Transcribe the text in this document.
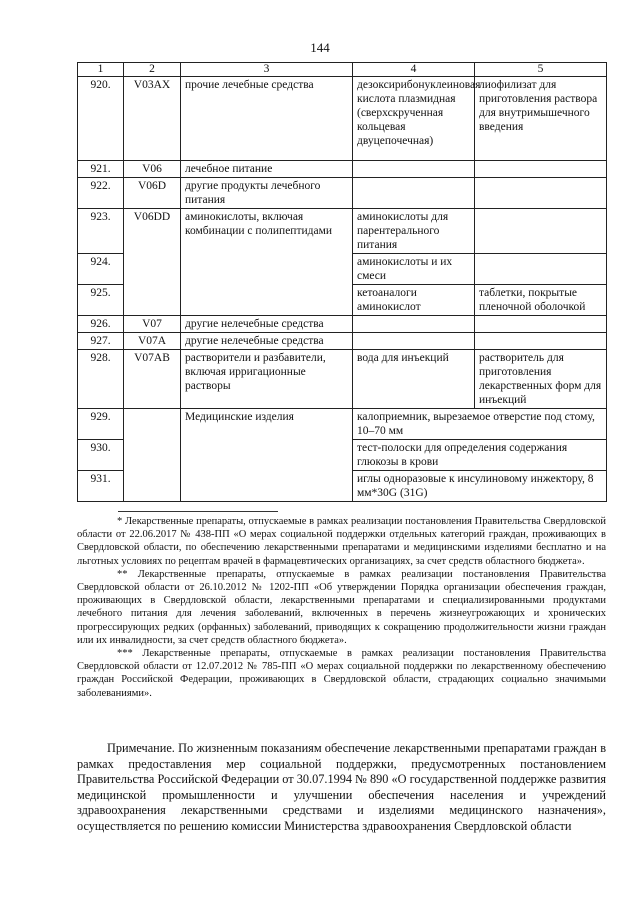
144
1	2	3	4	5
920.	V03AX	прочие лечебные средства	дезоксирибонуклеиновая кислота плазмидная (сверхскрученная кольцевая двуцепочечная)	лиофилизат для приготовления раствора для внутримышечного введения
921.	V06	лечебное питание		
922.	V06D	другие продукты лечебного питания		
923.	V06DD	аминокислоты, включая комбинации с полипептидами	аминокислоты для парентерального питания	
924.			аминокислоты и их смеси	
925.			кетоаналоги аминокислот	таблетки, покрытые пленочной оболочкой
926.	V07	другие нелечебные средства		
927.	V07A	другие нелечебные средства		
928.	V07AB	растворители и разбавители, включая ирригационные растворы	вода для инъекций	растворитель для приготовления лекарственных форм для инъекций
929.		Медицинские изделия	калоприемник, вырезаемое отверстие под стому, 10–70 мм	
930.			тест-полоски для определения содержания глюкозы в крови	
931.			иглы одноразовые к инсулиновому инжектору, 8 мм*30G (31G)	

* Лекарственные препараты, отпускаемые в рамках реализации постановления Правительства Свердловской области от 22.06.2017 № 438-ПП «О мерах социальной поддержки отдельных категорий граждан, проживающих в Свердловской области, по обеспечению лекарственными препаратами и медицинскими изделиями бесплатно и на льготных условиях по рецептам врачей в фармацевтических организациях, за счет средств областного бюджета».

** Лекарственные препараты, отпускаемые в рамках реализации постановления Правительства Свердловской области от 26.10.2012 № 1202-ПП «Об утверждении Порядка организации обеспечения граждан, проживающих в Свердловской области, лекарственными препаратами и специализированными продуктами лечебного питания для лечения заболеваний, включенных в перечень жизнеугрожающих и хронических прогрессирующих редких (орфанных) заболеваний, приводящих к сокращению продолжительности жизни граждан или их инвалидности, за счет средств областного бюджета».

*** Лекарственные препараты, отпускаемые в рамках реализации постановления Правительства Свердловской области от 12.07.2012 № 785-ПП «О мерах социальной поддержки по лекарственному обеспечению граждан Российской Федерации, проживающих в Свердловской области, страдающих социально значимыми заболеваниями».

Примечание. По жизненным показаниям обеспечение лекарственными препаратами граждан в рамках предоставления мер социальной поддержки, предусмотренных постановлением Правительства Российской Федерации от 30.07.1994 № 890 «О государственной поддержке развития медицинской промышленности и улучшении обеспечения населения и учреждений здравоохранения лекарственными средствами и изделиями медицинского назначения», осуществляется по решению комиссии Министерства здравоохранения Свердловской области
